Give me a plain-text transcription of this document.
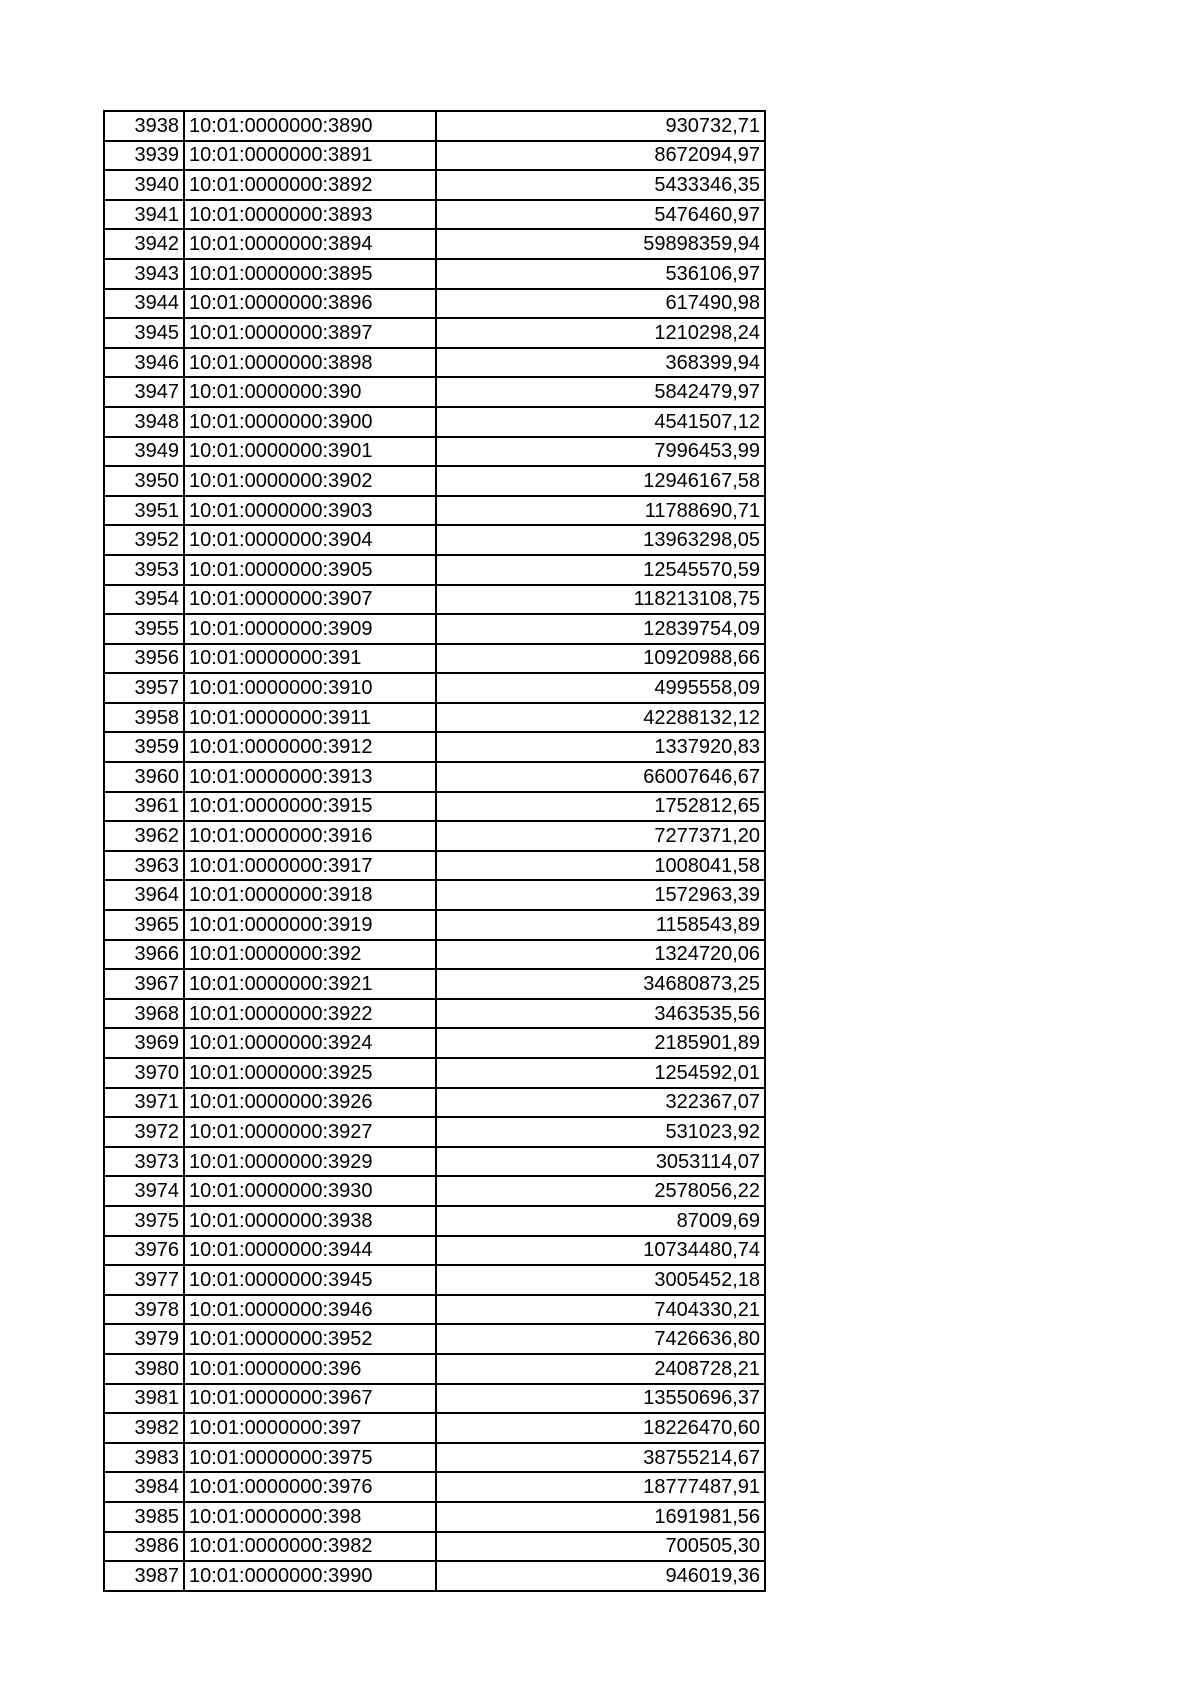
3938	10:01:0000000:3890	930732,71
3939	10:01:0000000:3891	8672094,97
3940	10:01:0000000:3892	5433346,35
3941	10:01:0000000:3893	5476460,97
3942	10:01:0000000:3894	59898359,94
3943	10:01:0000000:3895	536106,97
3944	10:01:0000000:3896	617490,98
3945	10:01:0000000:3897	1210298,24
3946	10:01:0000000:3898	368399,94
3947	10:01:0000000:390	5842479,97
3948	10:01:0000000:3900	4541507,12
3949	10:01:0000000:3901	7996453,99
3950	10:01:0000000:3902	12946167,58
3951	10:01:0000000:3903	11788690,71
3952	10:01:0000000:3904	13963298,05
3953	10:01:0000000:3905	12545570,59
3954	10:01:0000000:3907	118213108,75
3955	10:01:0000000:3909	12839754,09
3956	10:01:0000000:391	10920988,66
3957	10:01:0000000:3910	4995558,09
3958	10:01:0000000:3911	42288132,12
3959	10:01:0000000:3912	1337920,83
3960	10:01:0000000:3913	66007646,67
3961	10:01:0000000:3915	1752812,65
3962	10:01:0000000:3916	7277371,20
3963	10:01:0000000:3917	1008041,58
3964	10:01:0000000:3918	1572963,39
3965	10:01:0000000:3919	1158543,89
3966	10:01:0000000:392	1324720,06
3967	10:01:0000000:3921	34680873,25
3968	10:01:0000000:3922	3463535,56
3969	10:01:0000000:3924	2185901,89
3970	10:01:0000000:3925	1254592,01
3971	10:01:0000000:3926	322367,07
3972	10:01:0000000:3927	531023,92
3973	10:01:0000000:3929	3053114,07
3974	10:01:0000000:3930	2578056,22
3975	10:01:0000000:3938	87009,69
3976	10:01:0000000:3944	10734480,74
3977	10:01:0000000:3945	3005452,18
3978	10:01:0000000:3946	7404330,21
3979	10:01:0000000:3952	7426636,80
3980	10:01:0000000:396	2408728,21
3981	10:01:0000000:3967	13550696,37
3982	10:01:0000000:397	18226470,60
3983	10:01:0000000:3975	38755214,67
3984	10:01:0000000:3976	18777487,91
3985	10:01:0000000:398	1691981,56
3986	10:01:0000000:3982	700505,30
3987	10:01:0000000:3990	946019,36
